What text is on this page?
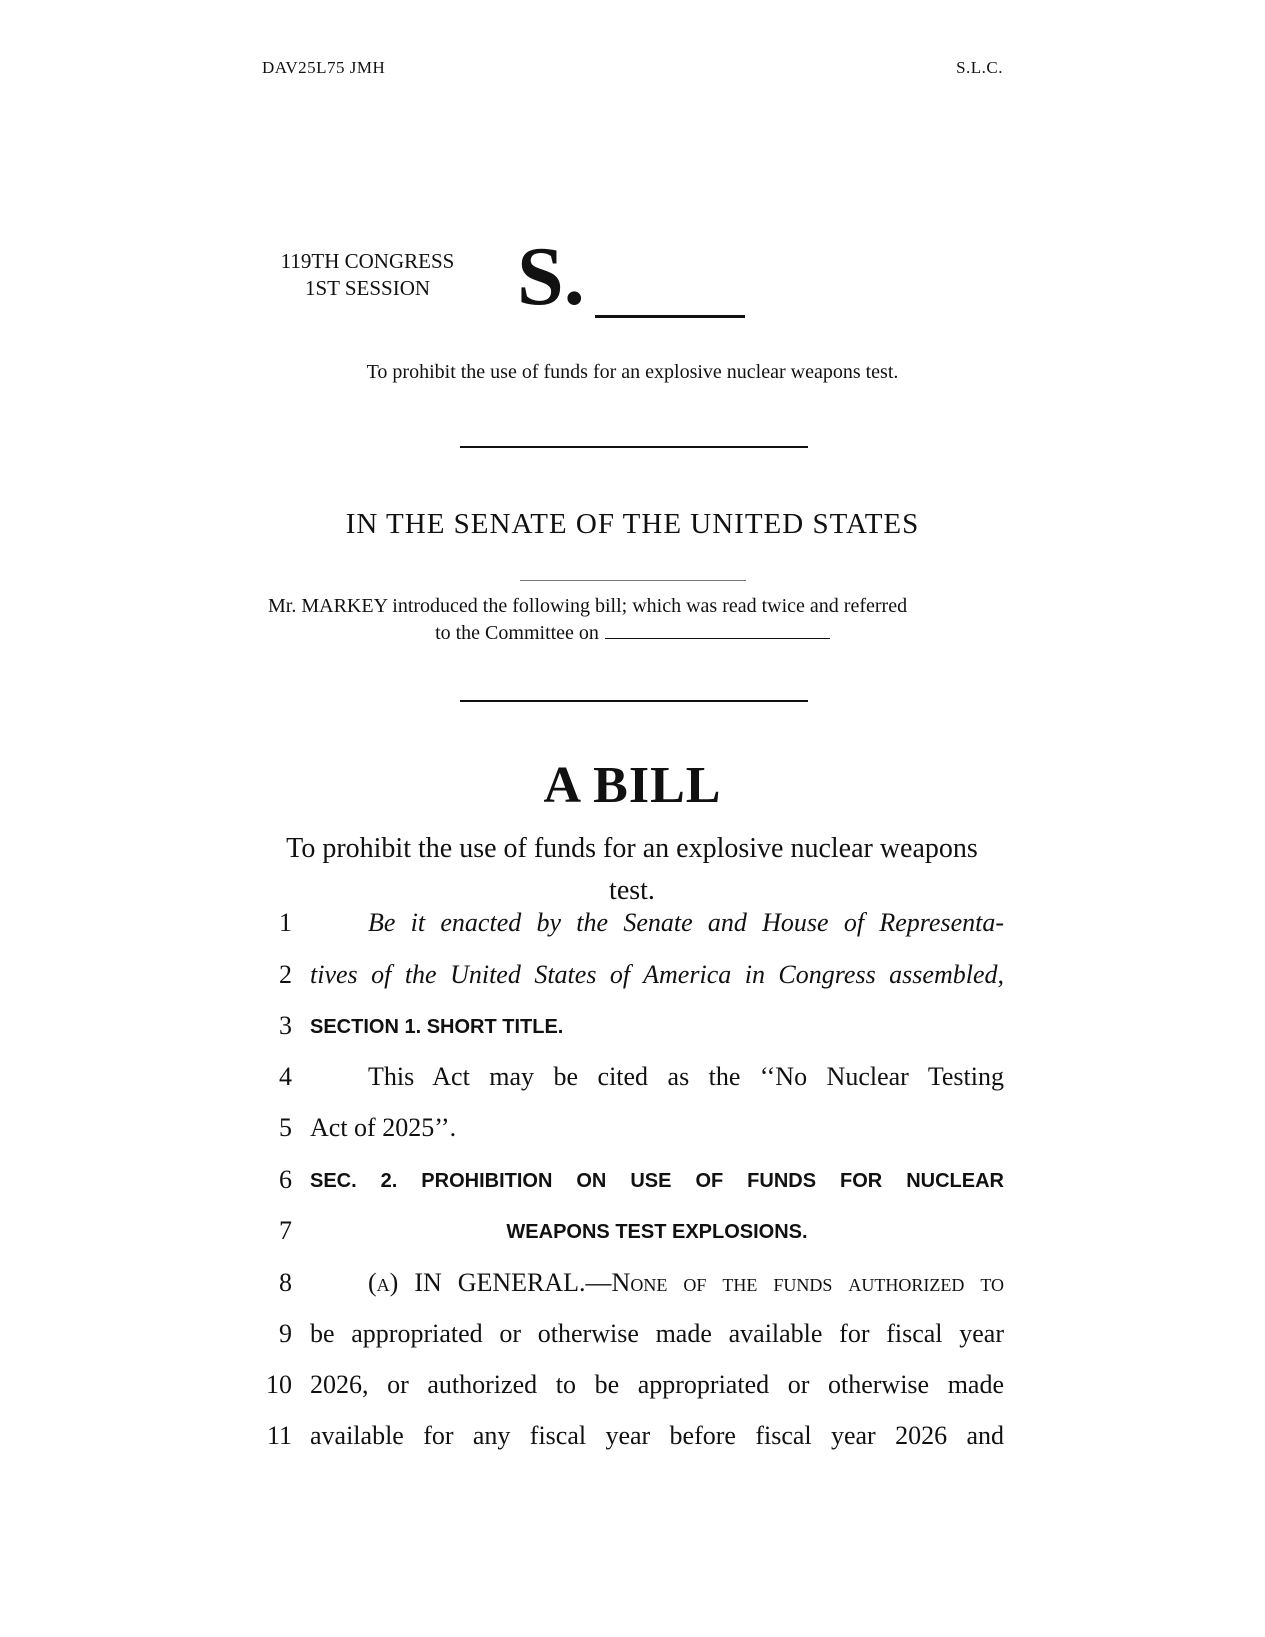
DAV25L75 JMH	S.L.C.
119TH CONGRESS
1ST SESSION	S.
To prohibit the use of funds for an explosive nuclear weapons test.
IN THE SENATE OF THE UNITED STATES
Mr. MARKEY introduced the following bill; which was read twice and referred
to the Committee on
A BILL
To prohibit the use of funds for an explosive nuclear weapons test.
1	Be it enacted by the Senate and House of Representa-
2 tives of the United States of America in Congress assembled,
3 SECTION 1. SHORT TITLE.
4	This Act may be cited as the ‘‘No Nuclear Testing
5 Act of 2025’’.
6 SEC. 2. PROHIBITION ON USE OF FUNDS FOR NUCLEAR
7	WEAPONS TEST EXPLOSIONS.
8	(a) IN GENERAL.—None of the funds authorized to
9 be appropriated or otherwise made available for fiscal year
10 2026, or authorized to be appropriated or otherwise made
11 available for any fiscal year before fiscal year 2026 and
